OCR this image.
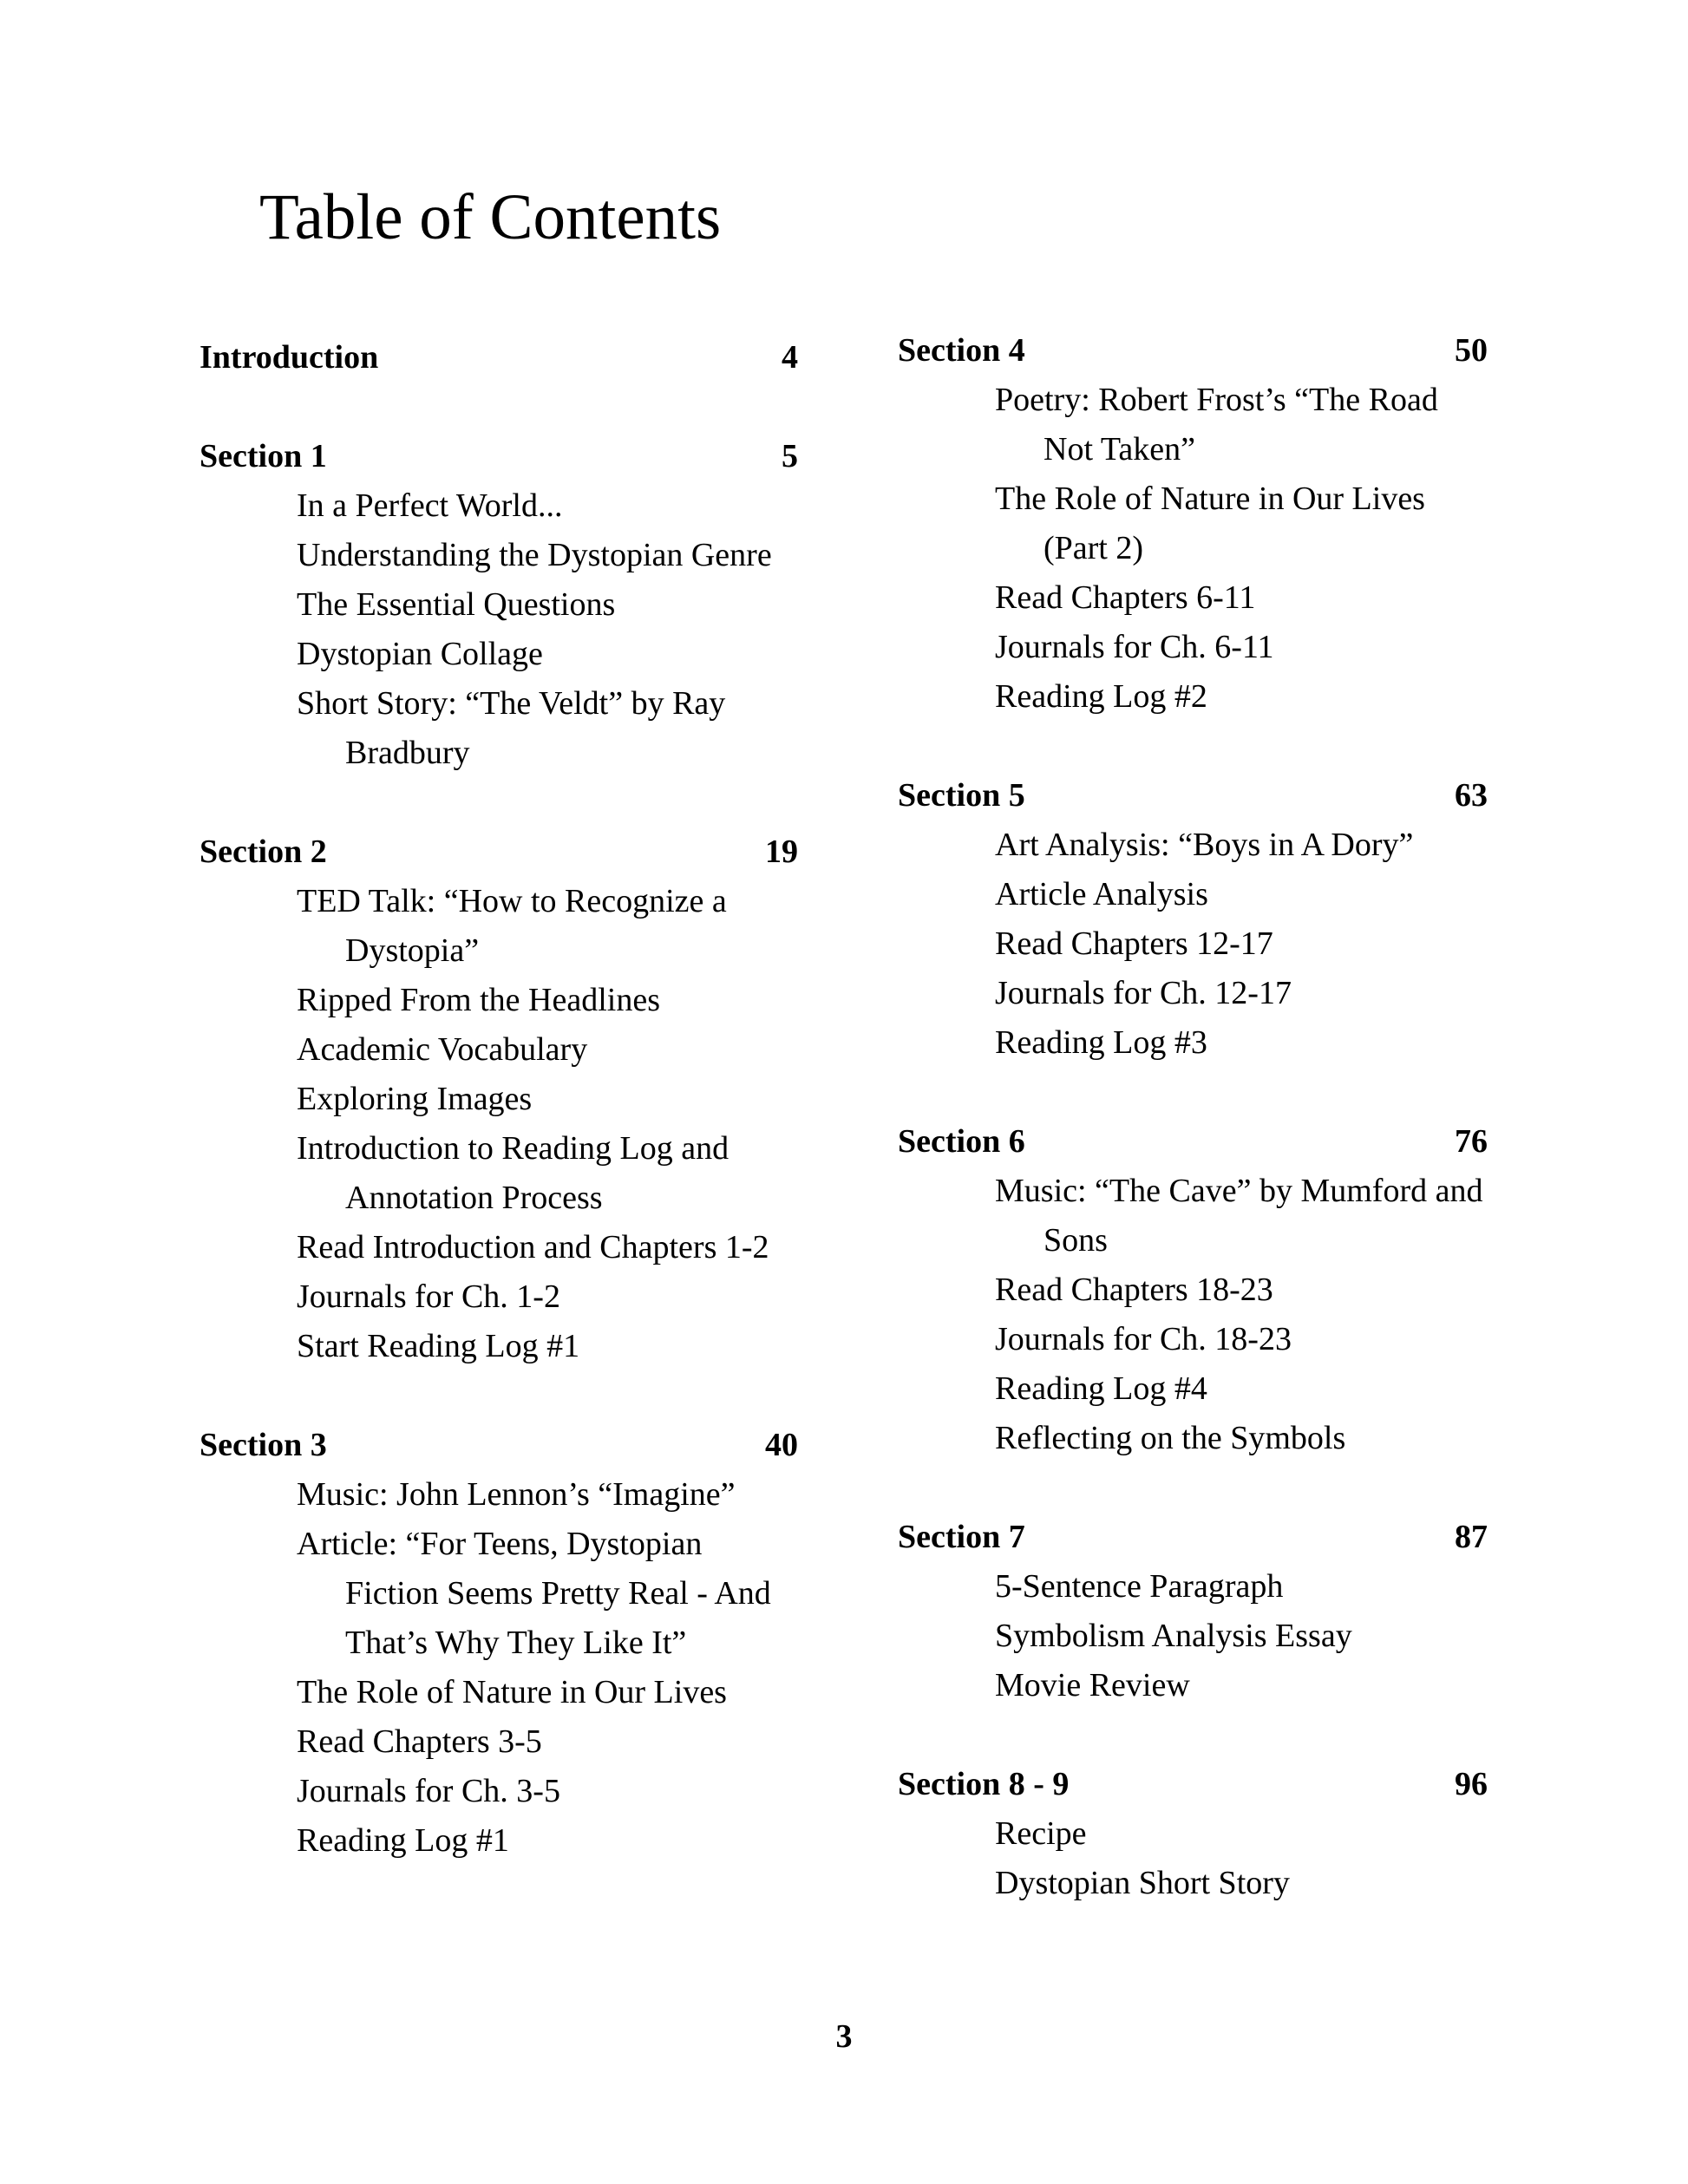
Table of Contents
Introduction	4
Section 1	5
In a Perfect World...
Understanding the Dystopian Genre
The Essential Questions
Dystopian Collage
Short Story: “The Veldt” by Ray Bradbury
Section 2	19
TED Talk: “How to Recognize a Dystopia”
Ripped From the Headlines
Academic Vocabulary
Exploring Images
Introduction to Reading Log and Annotation Process
Read Introduction and Chapters 1-2
Journals for Ch. 1-2
Start Reading Log #1
Section 3	40
Music: John Lennon’s “Imagine”
Article: “For Teens, Dystopian Fiction Seems Pretty Real - And That’s Why They Like It”
The Role of Nature in Our Lives
Read Chapters 3-5
Journals for Ch. 3-5
Reading Log #1
Section 4	50
Poetry: Robert Frost’s “The Road Not Taken”
The Role of Nature in Our Lives (Part 2)
Read Chapters 6-11
Journals for Ch. 6-11
Reading Log #2
Section 5	63
Art Analysis: “Boys in A Dory”
Article Analysis
Read Chapters 12-17
Journals for Ch. 12-17
Reading Log #3
Section 6	76
Music: “The Cave” by Mumford and Sons
Read Chapters 18-23
Journals for Ch. 18-23
Reading Log #4
Reflecting on the Symbols
Section 7	87
5-Sentence Paragraph
Symbolism Analysis Essay
Movie Review
Section 8 - 9	96
Recipe
Dystopian Short Story
3
